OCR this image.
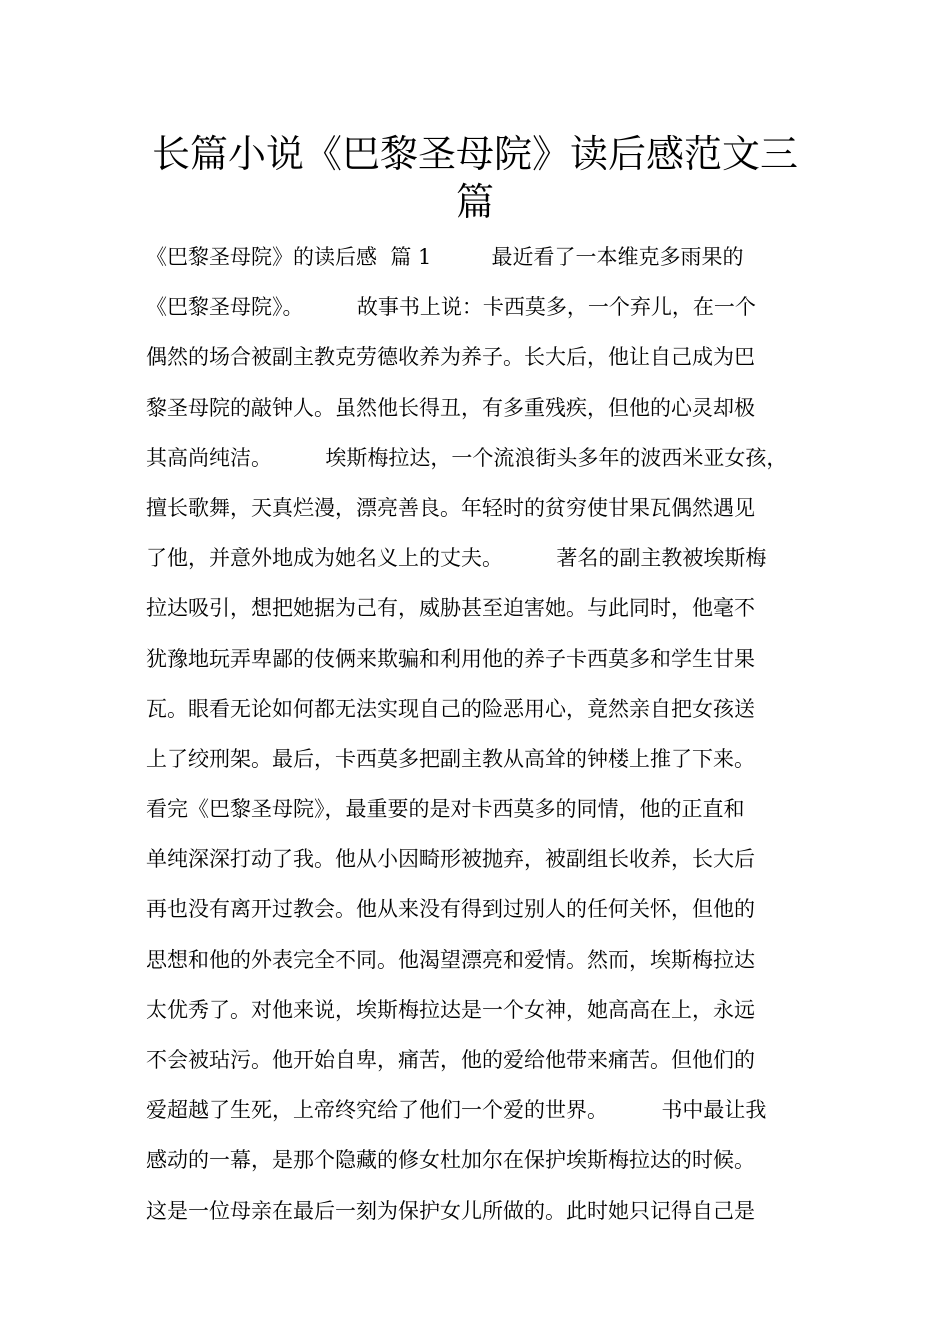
长篇小说《巴黎圣母院》读后感范文三篇
《巴黎圣母院》的读后感  篇 1         最近看了一本维克多雨果的
《巴黎圣母院》。        故事书上说：卡西莫多，一个弃儿，在一个
偶然的场合被副主教克劳德收养为养子。长大后，他让自己成为巴
黎圣母院的敲钟人。虽然他长得丑，有多重残疾，但他的心灵却极
其高尚纯洁。        埃斯梅拉达，一个流浪街头多年的波西米亚女孩，
擅长歌舞，天真烂漫，漂亮善良。年轻时的贫穷使甘果瓦偶然遇见
了他，并意外地成为她名义上的丈夫。        著名的副主教被埃斯梅
拉达吸引，想把她据为己有，威胁甚至迫害她。与此同时，他毫不
犹豫地玩弄卑鄙的伎俩来欺骗和利用他的养子卡西莫多和学生甘果
瓦。眼看无论如何都无法实现自己的险恶用心，竟然亲自把女孩送
上了绞刑架。最后，卡西莫多把副主教从高耸的钟楼上推了下来。
看完《巴黎圣母院》，最重要的是对卡西莫多的同情，他的正直和
单纯深深打动了我。他从小因畸形被抛弃，被副组长收养，长大后
再也没有离开过教会。他从来没有得到过别人的任何关怀，但他的
思想和他的外表完全不同。他渴望漂亮和爱情。然而，埃斯梅拉达
太优秀了。对他来说，埃斯梅拉达是一个女神，她高高在上，永远
不会被玷污。他开始自卑，痛苦，他的爱给他带来痛苦。但他们的
爱超越了生死，上帝终究给了他们一个爱的世界。        书中最让我
感动的一幕，是那个隐藏的修女杜加尔在保护埃斯梅拉达的时候。
这是一位母亲在最后一刻为保护女儿所做的。此时她只记得自己是
